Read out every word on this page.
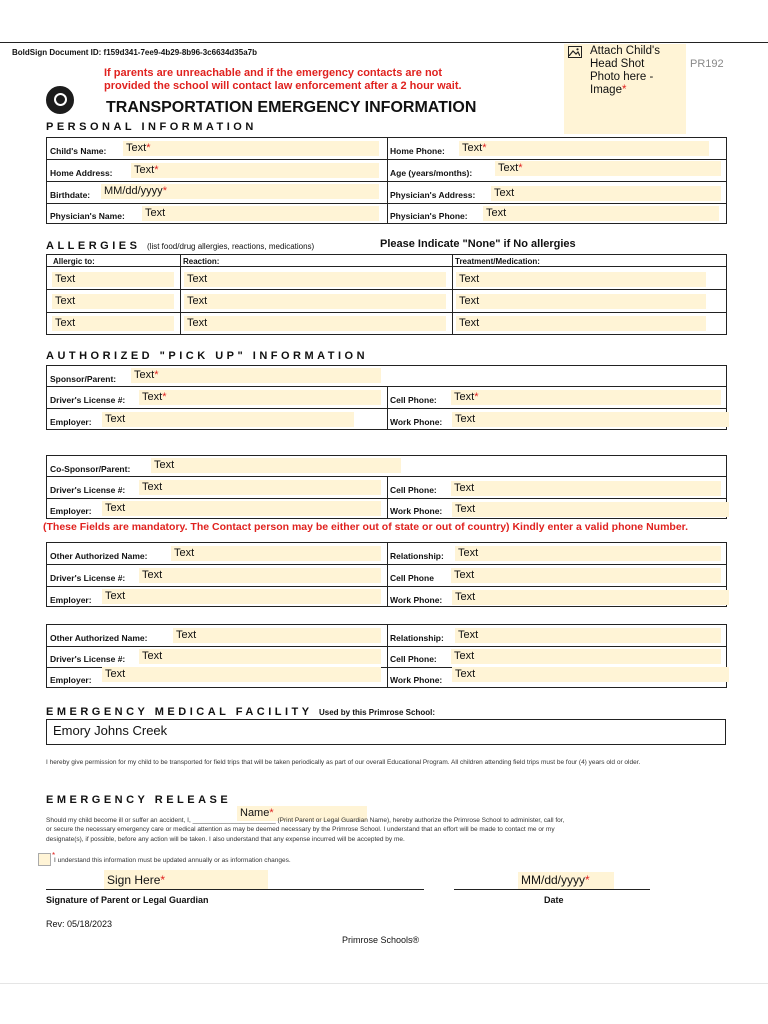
BoldSign Document ID: f159d341-7ee9-4b29-8b96-3c6634d35a7b
If parents are unreachable and if the emergency contacts are not
provided the school will contact law enforcement after a 2 hour wait.
TRANSPORTATION EMERGENCY INFORMATION
Attach Child's
Head Shot
Photo here -
Image*
PR192
PERSONAL INFORMATION
Child's Name: Text*	Home Phone: Text*
Home Address: Text*	Age (years/months): Text*
Birthdate: MM/dd/yyyy*	Physician's Address: Text
Physician's Name: Text	Physician's Phone: Text
ALLERGIES (list food/drug allergies, reactions, medications)	Please Indicate "None" if No allergies
Allergic to:	Reaction:	Treatment/Medication:
Text	Text	Text
Text	Text	Text
Text	Text	Text
AUTHORIZED "PICK UP" INFORMATION
Sponsor/Parent: Text*
Driver's License #: Text*	Cell Phone: Text*
Employer: Text	Work Phone: Text
Co-Sponsor/Parent: Text
Driver's License #: Text	Cell Phone: Text
Employer: Text	Work Phone: Text
(These Fields are mandatory. The Contact person may be either out of state or out of country) Kindly enter a valid phone Number.
Other Authorized Name: Text	Relationship: Text
Driver's License #: Text	Cell Phone Text
Employer: Text	Work Phone: Text
Other Authorized Name:	Text	Relationship: Text
Driver's License #: Text	Cell Phone: Text
Employer: Text	Work Phone: Text
EMERGENCY MEDICAL FACILITY Used by this Primrose School:
Emory Johns Creek
I hereby give permission for my child to be transported for field trips that will be taken periodically as part of our overall Educational Program. All children attending field trips must be four (4) years old or older.
EMERGENCY RELEASE
Name*
Should my child become ill or suffer an accident, I, _______________________ (Print Parent or Legal Guardian Name), hereby authorize the Primrose School to administer, call for,
or secure the necessary emergency care or medical attention as may be deemed necessary by the Primrose School. I understand that an effort will be made to contact me or my
designate(s), if possible, before any action will be taken. I also understand that any expense incurred will be accepted by me.
*
I understand this information must be updated annually or as information changes.
Sign Here*	MM/dd/yyyy*
Signature of Parent or Legal Guardian	Date
Rev: 05/18/2023
Primrose Schools®
